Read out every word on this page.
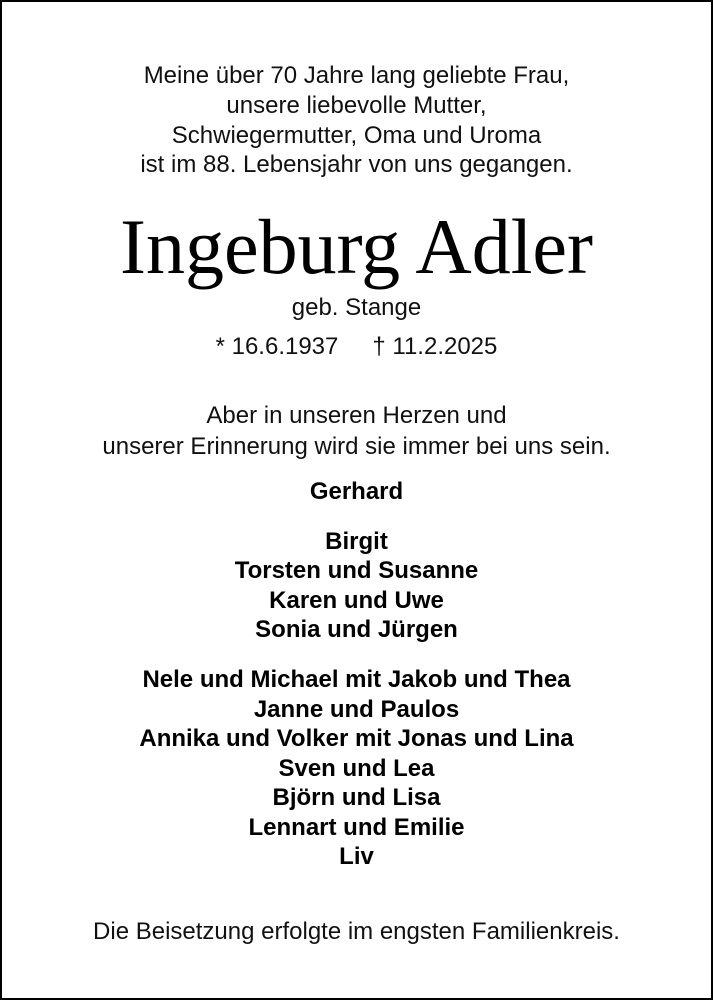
Meine über 70 Jahre lang geliebte Frau,
unsere liebevolle Mutter,
Schwiegermutter, Oma und Uroma
ist im 88. Lebensjahr von uns gegangen.
Ingeburg Adler
geb. Stange
* 16.6.1937 † 11.2.2025
Aber in unseren Herzen und
unserer Erinnerung wird sie immer bei uns sein.
Gerhard
Birgit
Torsten und Susanne
Karen und Uwe
Sonia und Jürgen
Nele und Michael mit Jakob und Thea
Janne und Paulos
Annika und Volker mit Jonas und Lina
Sven und Lea
Björn und Lisa
Lennart und Emilie
Liv
Die Beisetzung erfolgte im engsten Familienkreis.
